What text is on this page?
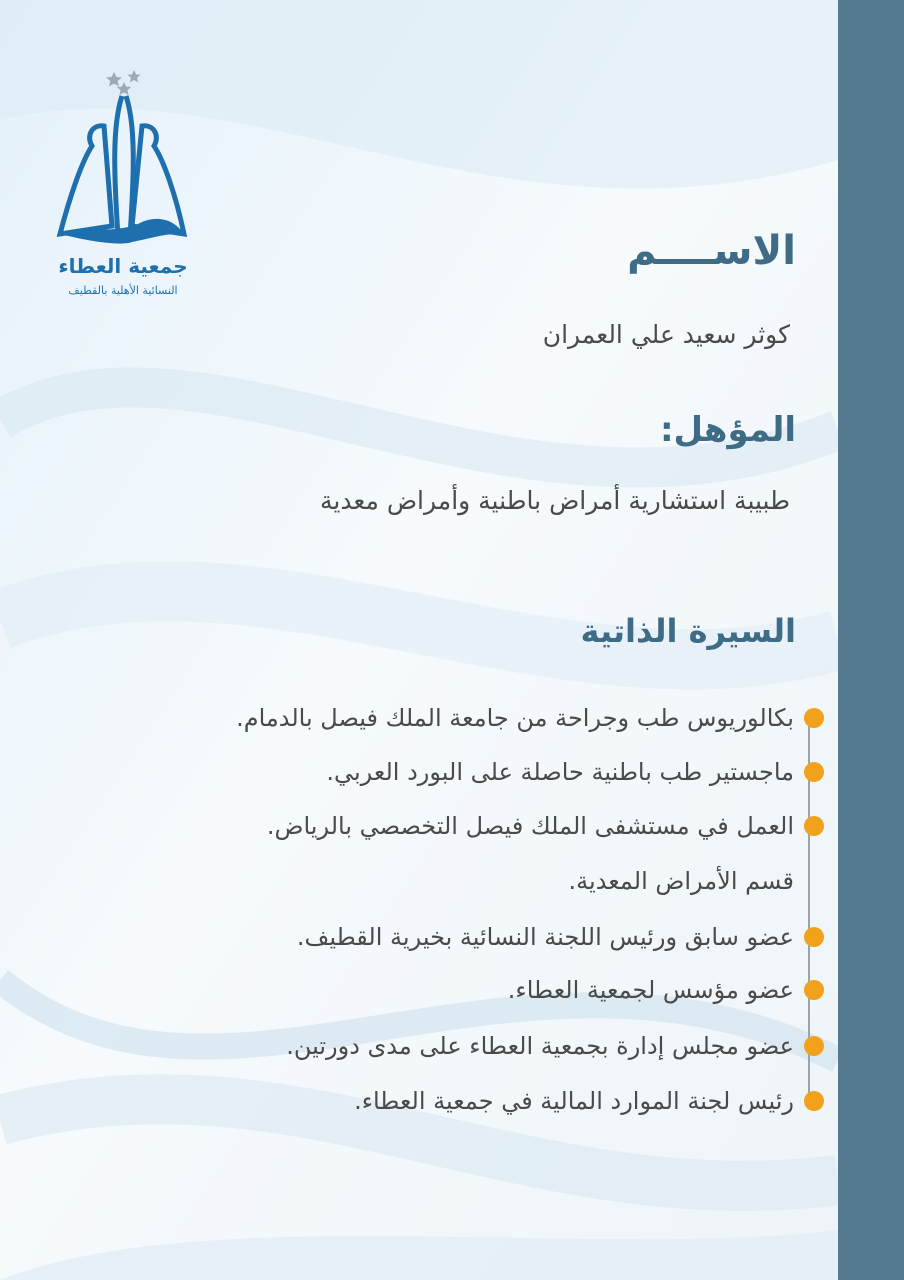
جمعية العطاء
النسائية الأهلية بالقطيف
الاســــم
كوثر سعيد علي العمران
المؤهل:
طبيبة استشارية أمراض باطنية وأمراض معدية
السيرة الذاتية
بكالوريوس طب وجراحة من جامعة الملك فيصل بالدمام.
ماجستير طب باطنية حاصلة على البورد العربي.
العمل في مستشفى الملك فيصل التخصصي بالرياض.
قسم الأمراض المعدية.
عضو سابق ورئيس اللجنة النسائية بخيرية القطيف.
عضو مؤسس لجمعية العطاء.
عضو مجلس إدارة بجمعية العطاء على مدى دورتين.
رئيس لجنة الموارد المالية في جمعية العطاء.
